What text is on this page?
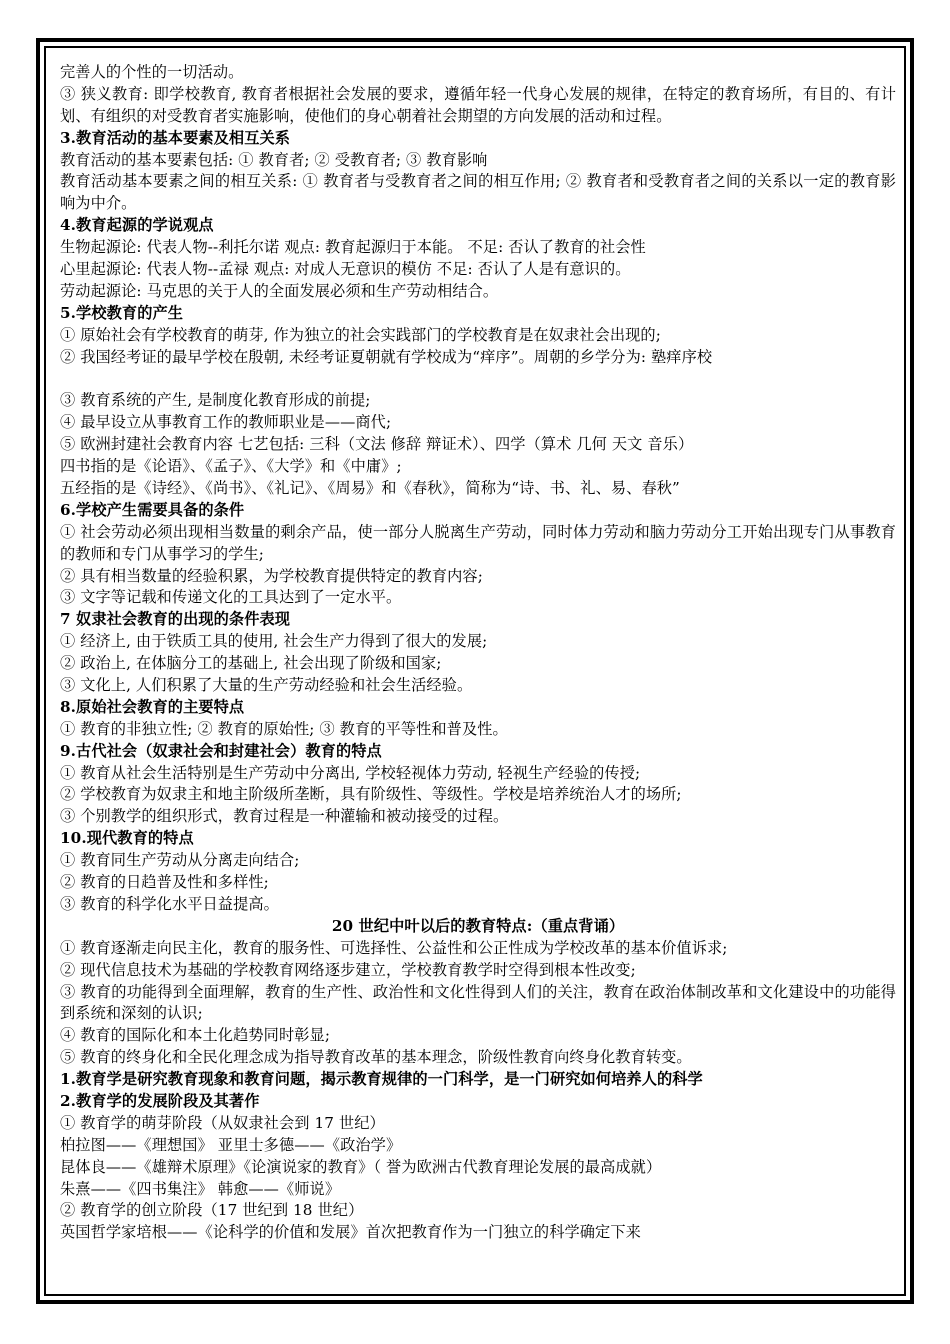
完善人的个性的一切活动。
③ 狭义教育: 即学校教育, 教育者根据社会发展的要求，遵循年轻一代身心发展的规律，在特定的教育场所，有目的、有计划、有组织的对受教育者实施影响，使他们的身心朝着社会期望的方向发展的活动和过程。
3.教育活动的基本要素及相互关系
教育活动的基本要素包括: ① 教育者; ② 受教育者; ③ 教育影响
教育活动基本要素之间的相互关系: ① 教育者与受教育者之间的相互作用; ② 教育者和受教育者之间的关系以一定的教育影响为中介。
4.教育起源的学说观点
生物起源论: 代表人物--利托尔诺 观点: 教育起源归于本能。 不足: 否认了教育的社会性
心里起源论: 代表人物--孟禄 观点: 对成人无意识的模仿 不足: 否认了人是有意识的。
劳动起源论: 马克思的关于人的全面发展必须和生产劳动相结合。
5.学校教育的产生
① 原始社会有学校教育的萌芽, 作为独立的社会实践部门的学校教育是在奴隶社会出现的;
② 我国经考证的最早学校在殷朝, 未经考证夏朝就有学校成为“痒序”。周朝的乡学分为: 塾痒序校
③ 教育系统的产生, 是制度化教育形成的前提;
④ 最早设立从事教育工作的教师职业是——商代;
⑤ 欧洲封建社会教育内容 七艺包括: 三科（文法 修辞 辩证术）、四学（算术 几何 天文 音乐）
四书指的是《论语》、《孟子》、《大学》和《中庸》;
五经指的是《诗经》、《尚书》、《礼记》、《周易》和《春秋》，简称为“诗、书、礼、易、春秋”
6.学校产生需要具备的条件
① 社会劳动必须出现相当数量的剩余产品，使一部分人脱离生产劳动，同时体力劳动和脑力劳动分工开始出现专门从事教育的教师和专门从事学习的学生;
② 具有相当数量的经验积累，为学校教育提供特定的教育内容;
③ 文字等记载和传递文化的工具达到了一定水平。
7 奴隶社会教育的出现的条件表现
① 经济上, 由于铁质工具的使用, 社会生产力得到了很大的发展;
② 政治上, 在体脑分工的基础上, 社会出现了阶级和国家;
③ 文化上, 人们积累了大量的生产劳动经验和社会生活经验。
8.原始社会教育的主要特点
① 教育的非独立性; ② 教育的原始性; ③ 教育的平等性和普及性。
9.古代社会（奴隶社会和封建社会）教育的特点
① 教育从社会生活特别是生产劳动中分离出, 学校轻视体力劳动, 轻视生产经验的传授;
② 学校教育为奴隶主和地主阶级所垄断，具有阶级性、等级性。学校是培养统治人才的场所;
③ 个别教学的组织形式，教育过程是一种灌输和被动接受的过程。
10.现代教育的特点
① 教育同生产劳动从分离走向结合;
② 教育的日趋普及性和多样性;
③ 教育的科学化水平日益提高。
20 世纪中叶以后的教育特点:（重点背诵）
① 教育逐渐走向民主化，教育的服务性、可选择性、公益性和公正性成为学校改革的基本价值诉求;
② 现代信息技术为基础的学校教育网络逐步建立，学校教育教学时空得到根本性改变;
③ 教育的功能得到全面理解，教育的生产性、政治性和文化性得到人们的关注，教育在政治体制改革和文化建设中的功能得到系统和深刻的认识;
④ 教育的国际化和本土化趋势同时彰显;
⑤ 教育的终身化和全民化理念成为指导教育改革的基本理念，阶级性教育向终身化教育转变。
1.教育学是研究教育现象和教育问题，揭示教育规律的一门科学，是一门研究如何培养人的科学
2.教育学的发展阶段及其著作
① 教育学的萌芽阶段（从奴隶社会到 17 世纪）
柏拉图——《理想国》 亚里士多德——《政治学》
昆体良——《雄辩术原理》《论演说家的教育》（ 誉为欧洲古代教育理论发展的最高成就）
朱熹——《四书集注》 韩愈——《师说》
② 教育学的创立阶段（17 世纪到 18 世纪）
英国哲学家培根——《论科学的价值和发展》首次把教育作为一门独立的科学确定下来
